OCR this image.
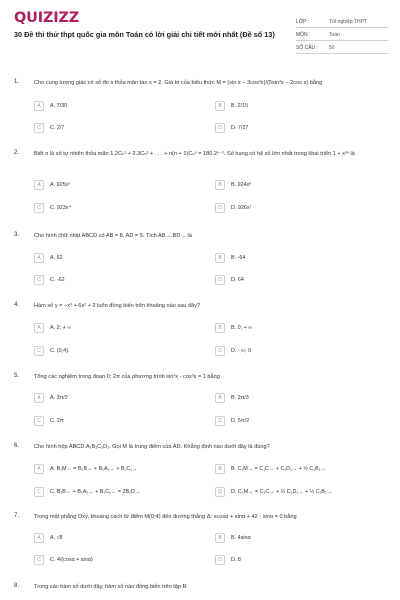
QUIZIZZ
30 Đề thi thử thpt quốc gia môn Toán có lời giải chi tiết mới nhất (Đề số 13)
LỚP :	Tốt nghiệp THPT
MÔN :	Toán
SỐ CÂU :	50
1.	Cho cung lượng giác có số đo x thỏa mãn tan x = 2. Giá trị của biểu thức M = (sin x − 3cos³x)/(5sin³x − 2cos x) bằng
A	A. 7/30	B	B. 2/15
C	C. 2/7	D	D. 7/27
2.	Biết n là số tự nhiên thỏa mãn 1.2Cₙ¹ + 2.3Cₙ² + . . . + n(n + 1)Cₙⁿ = 180.2ⁿ⁻². Số hạng có hệ số lớn nhất trong khai triển 1 + x³ⁿ là
A	A. 925x⁵	B	B. 924x⁶
C	C. 923x⁴	D	D. 926x⁷
3.	Cho hình chữ nhật ABCD có AB = 8, AD = 5. Tích AB→.BD→ là
A	A. 62	B	B. -64
C	C. -62	D	D. 64
4.	Hàm số y = −x³ + 6x² + 2 luôn đồng biến trên khoảng nào sau đây?
A	A. 2; + ∞	B	B. 0; + ∞
C	C. (0;4).	D	D. - ∞; 0
5.	Tổng các nghiệm trong đoạn 0; 2π của phương trình sin³x - cos³x = 1 bằng
A	A. 3π/2	B	B. 2π/3
C	C. 2π	D	D. 5π/2
6.	Cho hình hộp ABCD.A₁B₁C₁D₁. Gọi M là trung điểm của AD. Khẳng định nào dưới đây là đúng?
A	A. B₁M→ = B₁B→ + B₁A₁→ + B₁C₁→	B	B. C₁M→ = C₁C→ + C₁D₁→ + ½ C₁B₁→
C	C. B₁B→ + B₁A₁→ + B₁C₁→ = 2B₁D→	D	D. C₁M→ = C₁C→ + ½ C₁D₁→ + ½ C₁B₁→
7.	Trong mặt phẳng Oxy, khoảng cách từ điểm M(0;4) đến đường thẳng Δ: xcosα + sinα + 42 - sinα = 0 bằng
A	A. √8	B	B. 4sinα
C	C. 4/(cosα + sinα)	D	D. 8
8.	Trong các hàm số dưới đây, hàm số nào đồng biến trên tập R
